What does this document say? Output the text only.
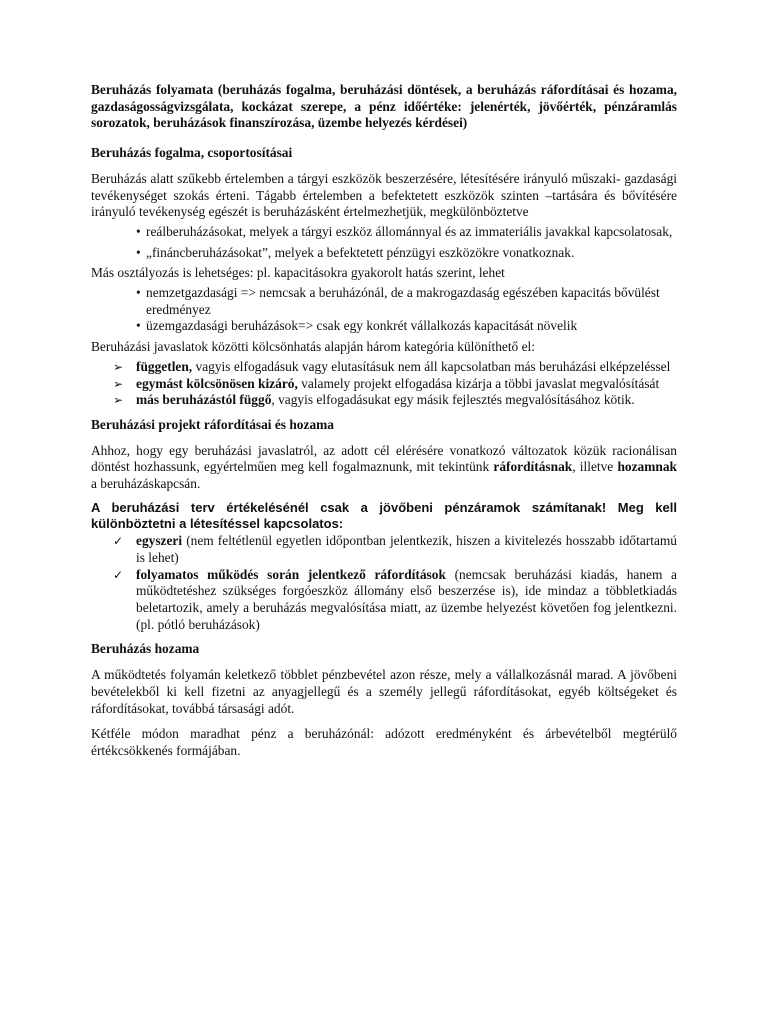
Beruházás folyamata (beruházás fogalma, beruházási döntések, a beruházás ráfordításai és hozama, gazdaságosságvizsgálata, kockázat szerepe, a pénz időértéke: jelenérték, jövőérték, pénzáramlás sorozatok, beruházások finanszírozása, üzembe helyezés kérdései)

Beruházás fogalma, csoportosításai

Beruházás alatt szűkebb értelemben a tárgyi eszközök beszerzésére, létesítésére irányuló műszaki- gazdasági tevékenységet szokás érteni. Tágabb értelemben a befektetett eszközök szinten –tartására és bővítésére irányuló tevékenység egészét is beruházásként értelmezhetjük, megkülönböztetve

• reálberuházásokat, melyek a tárgyi eszköz állománnyal és az immateriális javakkal kapcsolatosak,
• „fináncberuházásokat”, melyek a befektetett pénzügyi eszközökre vonatkoznak.

Más osztályozás is lehetséges: pl. kapacitásokra gyakorolt hatás szerint, lehet

• nemzetgazdasági => nemcsak a beruházónál, de a makrogazdaság egészében kapacitás bővülést eredményez
• üzemgazdasági beruházások=> csak egy konkrét vállalkozás kapacitását növelik

Beruházási javaslatok közötti kölcsönhatás alapján három kategória különíthető el:

➢ független, vagyis elfogadásuk vagy elutasításuk nem áll kapcsolatban más beruházási elképzeléssel
➢ egymást kölcsönösen kizáró, valamely projekt elfogadása kizárja a többi javaslat megvalósítását
➢ más beruházástól függő, vagyis elfogadásukat egy másik fejlesztés megvalósításához kötik.

Beruházási projekt ráfordításai és hozama

Ahhoz, hogy egy beruházási javaslatról, az adott cél elérésére vonatkozó változatok közük racionálisan döntést hozhassunk, egyértelműen meg kell fogalmaznunk, mit tekintünk ráfordításnak, illetve hozamnak a beruházáskapcsán.

A beruházási terv értékelésénél csak a jövőbeni pénzáramok számítanak! Meg kell különböztetni a létesítéssel kapcsolatos:

✓ egyszeri (nem feltétlenül egyetlen időpontban jelentkezik, hiszen a kivitelezés hosszabb időtartamú is lehet)
✓ folyamatos működés során jelentkező ráfordítások (nemcsak beruházási kiadás, hanem a működtetéshez szükséges forgóeszköz állomány első beszerzése is), ide mindaz a többletkiadás beletartozik, amely a beruházás megvalósítása miatt, az üzembe helyezést követően fog jelentkezni. (pl. pótló beruházások)

Beruházás hozama

A működtetés folyamán keletkező többlet pénzbevétel azon része, mely a vállalkozásnál marad. A jövőbeni bevételekből ki kell fizetni az anyagjellegű és a személy jellegű ráfordításokat, egyéb költségeket és ráfordításokat, továbbá társasági adót.

Kétféle módon maradhat pénz a beruházónál: adózott eredményként és árbevételből megtérülő értékcsökkenés formájában.
